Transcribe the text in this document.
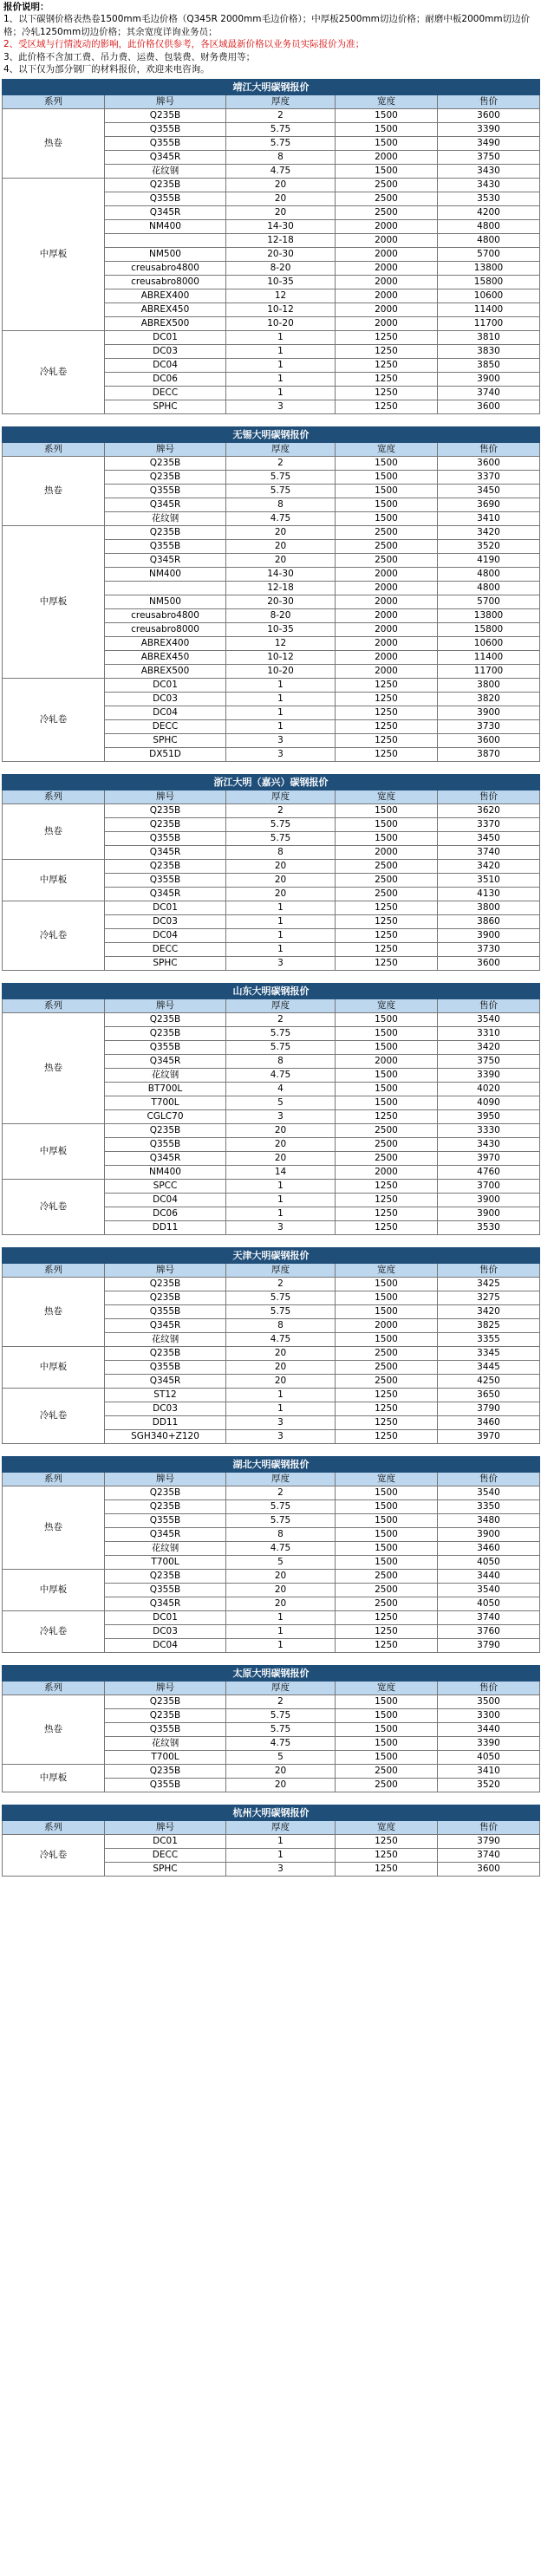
报价说明：
1、以下碳钢价格表热卷1500mm毛边价格（Q345R 2000mm毛边价格）；中厚板2500mm切边价格；耐磨中板2000mm切边价格；冷轧1250mm切边价格；其余宽度详询业务员；
2、受区域与行情波动的影响，此价格仅供参考，各区域最新价格以业务员实际报价为准；
3、此价格不含加工费、吊力费、运费、包装费、财务费用等；
4、以下仅为部分钢厂的材料报价，欢迎来电咨询。
靖江大明碳钢报价				
系列	牌号	厚度	宽度	售价
热卷	Q235B	2	1500	3600
	Q355B	5.75	1500	3390
	Q355B	5.75	1500	3490
	Q345R	8	2000	3750
	花纹钢	4.75	1500	3430
中厚板	Q235B	20	2500	3430
	Q355B	20	2500	3530
	Q345R	20	2500	4200
	NM400	14-30	2000	4800
		12-18	2000	4800
	NM500	20-30	2000	5700
	creusabro4800	8-20	2000	13800
	creusabro8000	10-35	2000	15800
	ABREX400	12	2000	10600
	ABREX450	10-12	2000	11400
	ABREX500	10-20	2000	11700
冷轧卷	DC01	1	1250	3810
	DC03	1	1250	3830
	DC04	1	1250	3850
	DC06	1	1250	3900
	DECC	1	1250	3740
	SPHC	3	1250	3600
无锡大明碳钢报价				
系列	牌号	厚度	宽度	售价
热卷	Q235B	2	1500	3600
	Q235B	5.75	1500	3370
	Q355B	5.75	1500	3450
	Q345R	8	1500	3690
	花纹钢	4.75	1500	3410
中厚板	Q235B	20	2500	3420
	Q355B	20	2500	3520
	Q345R	20	2500	4190
	NM400	14-30	2000	4800
		12-18	2000	4800
	NM500	20-30	2000	5700
	creusabro4800	8-20	2000	13800
	creusabro8000	10-35	2000	15800
	ABREX400	12	2000	10600
	ABREX450	10-12	2000	11400
	ABREX500	10-20	2000	11700
冷轧卷	DC01	1	1250	3800
	DC03	1	1250	3820
	DC04	1	1250	3900
	DECC	1	1250	3730
	SPHC	3	1250	3600
	DX51D	3	1250	3870
浙江大明（嘉兴）碳钢报价				
系列	牌号	厚度	宽度	售价
热卷	Q235B	2	1500	3620
	Q235B	5.75	1500	3370
	Q355B	5.75	1500	3450
	Q345R	8	2000	3740
中厚板	Q235B	20	2500	3420
	Q355B	20	2500	3510
	Q345R	20	2500	4130
冷轧卷	DC01	1	1250	3800
	DC03	1	1250	3860
	DC04	1	1250	3900
	DECC	1	1250	3730
	SPHC	3	1250	3600
山东大明碳钢报价				
系列	牌号	厚度	宽度	售价
热卷	Q235B	2	1500	3540
	Q235B	5.75	1500	3310
	Q355B	5.75	1500	3420
	Q345R	8	2000	3750
	花纹钢	4.75	1500	3390
	BT700L	4	1500	4020
	T700L	5	1500	4090
	CGLC70	3	1250	3950
中厚板	Q235B	20	2500	3330
	Q355B	20	2500	3430
	Q345R	20	2500	3970
	NM400	14	2000	4760
冷轧卷	SPCC	1	1250	3700
	DC04	1	1250	3900
	DC06	1	1250	3900
	DD11	3	1250	3530
天津大明碳钢报价				
系列	牌号	厚度	宽度	售价
热卷	Q235B	2	1500	3425
	Q235B	5.75	1500	3275
	Q355B	5.75	1500	3420
	Q345R	8	2000	3825
	花纹钢	4.75	1500	3355
中厚板	Q235B	20	2500	3345
	Q355B	20	2500	3445
	Q345R	20	2500	4250
冷轧卷	ST12	1	1250	3650
	DC03	1	1250	3790
	DD11	3	1250	3460
	SGH340+Z120	3	1250	3970
湖北大明碳钢报价				
系列	牌号	厚度	宽度	售价
热卷	Q235B	2	1500	3540
	Q235B	5.75	1500	3350
	Q355B	5.75	1500	3480
	Q345R	8	1500	3900
	花纹钢	4.75	1500	3460
	T700L	5	1500	4050
中厚板	Q235B	20	2500	3440
	Q355B	20	2500	3540
	Q345R	20	2500	4050
冷轧卷	DC01	1	1250	3740
	DC03	1	1250	3760
	DC04	1	1250	3790
太原大明碳钢报价				
系列	牌号	厚度	宽度	售价
热卷	Q235B	2	1500	3500
	Q235B	5.75	1500	3300
	Q355B	5.75	1500	3440
	花纹钢	4.75	1500	3390
	T700L	5	1500	4050
中厚板	Q235B	20	2500	3410
	Q355B	20	2500	3520
杭州大明碳钢报价				
系列	牌号	厚度	宽度	售价
冷轧卷	DC01	1	1250	3790
	DECC	1	1250	3740
	SPHC	3	1250	3600
